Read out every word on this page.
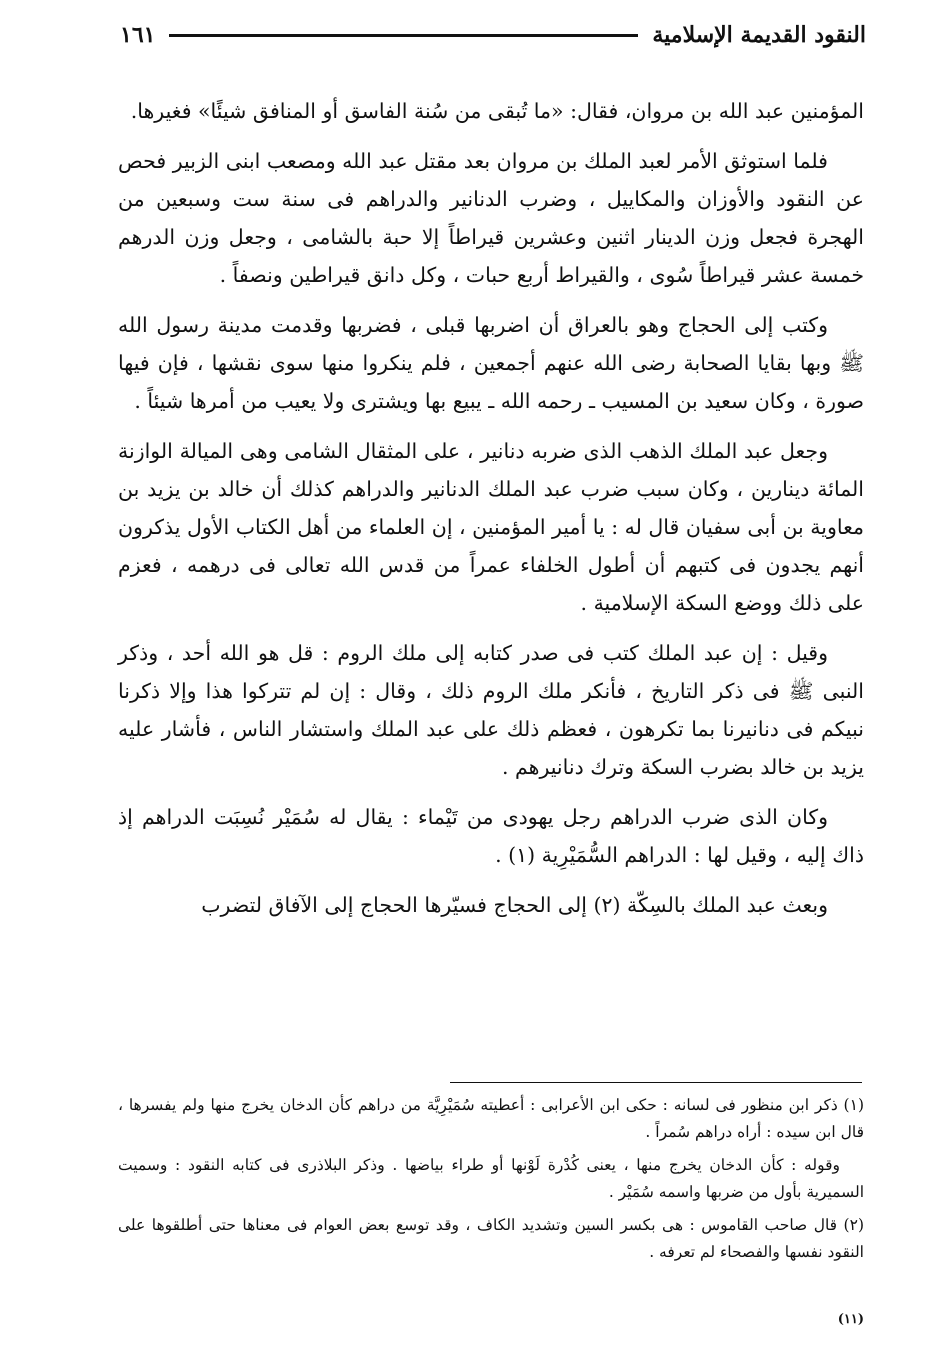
النقود القديمة الإسلامية
١٦١

المؤمنين عبد الله بن مروان، فقال: «ما تُبقى من سُنة الفاسق أو المنافق شيئًا» فغيرها.

فلما استوثق الأمر لعبد الملك بن مروان بعد مقتل عبد الله ومصعب ابنى الزبير فحص عن النقود والأوزان والمكاييل ، وضرب الدنانير والدراهم فى سنة ست وسبعين من الهجرة فجعل وزن الدينار اثنين وعشرين قيراطاً إلا حبة بالشامى ، وجعل وزن الدرهم خمسة عشر قيراطاً سُوى ، والقيراط أربع حبات ، وكل دانق قيراطين ونصفاً .

وكتب إلى الحجاج وهو بالعراق أن اضربها قبلى ، فضربها وقدمت مدينة رسول الله ﷺ وبها بقايا الصحابة رضى الله عنهم أجمعين ، فلم ينكروا منها سوى نقشها ، فإن فيها صورة ، وكان سعيد بن المسيب ـ رحمه الله ـ يبيع بها ويشترى ولا يعيب من أمرها شيئاً .

وجعل عبد الملك الذهب الذى ضربه دنانير ، على المثقال الشامى وهى الميالة الوازنة المائة دينارين ، وكان سبب ضرب عبد الملك الدنانير والدراهم كذلك أن خالد بن يزيد بن معاوية بن أبى سفيان قال له : يا أمير المؤمنين ، إن العلماء من أهل الكتاب الأول يذكرون أنهم يجدون فى كتبهم أن أطول الخلفاء عمراً من قدس الله تعالى فى درهمه ، فعزم على ذلك ووضع السكة الإسلامية .

وقيل : إن عبد الملك كتب فى صدر كتابه إلى ملك الروم : قل هو الله أحد ، وذكر النبى ﷺ فى ذكر التاريخ ، فأنكر ملك الروم ذلك ، وقال : إن لم تتركوا هذا وإلا ذكرنا نبيكم فى دنانيرنا بما تكرهون ، فعظم ذلك على عبد الملك واستشار الناس ، فأشار عليه يزيد بن خالد بضرب السكة وترك دنانيرهم .

وكان الذى ضرب الدراهم رجل يهودى من تَيْماء : يقال له سُمَيْر نُسِبَت الدراهم إذ ذاك إليه ، وقيل لها : الدراهم السُّمَيْرِية (١) .

وبعث عبد الملك بالسِكّة (٢) إلى الحجاج فسيّرها الحجاج إلى الآفاق لتضرب

(١) ذكر ابن منظور فى لسانه : حكى ابن الأعرابى : أعطيته سُمَيْرِيَّة من دراهم كأن الدخان يخرج منها ولم يفسرها ، قال ابن سيده : أراه دراهم سُمراً .

وقوله : كأن الدخان يخرج منها ، يعنى كُدْرة لَوْنها أو طراء بياضها . وذكر البلاذرى فى كتابه النقود : وسميت السميرية بأول من ضربها واسمه سُمَيْر .

(٢) قال صاحب القاموس : هى بكسر السين وتشديد الكاف ، وقد توسع بعض العوام فى معناها حتى أطلقوها على النقود نفسها والفصحاء لم تعرفه .

(١١)
